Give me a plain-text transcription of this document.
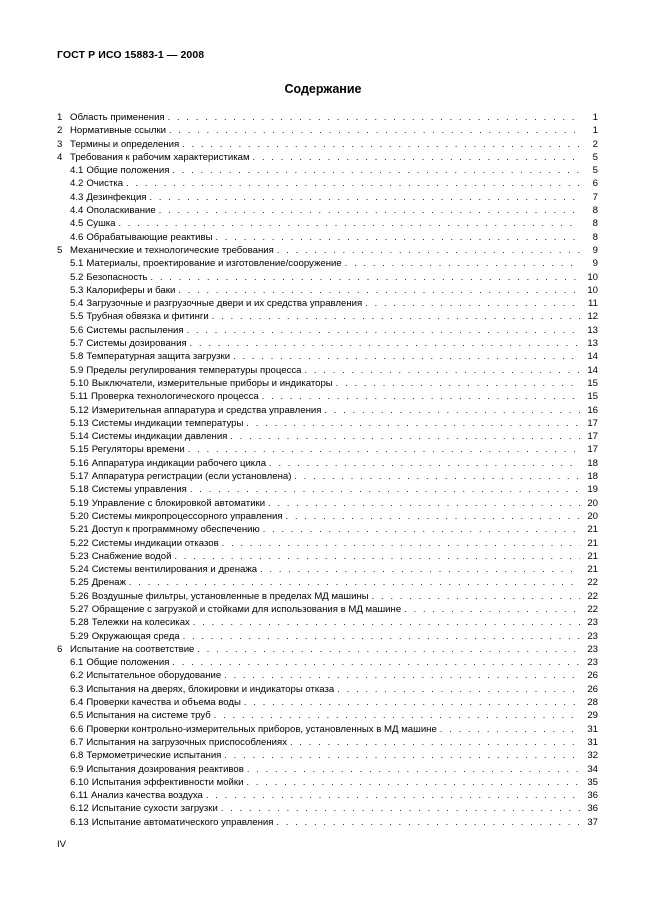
ГОСТ Р ИСО 15883-1 — 2008
Содержание
1 Область применения . . .	1
2 Нормативные ссылки . . .	1
3 Термины и определения . . .	2
4 Требования к рабочим характеристикам . . .	5
4.1 Общие положения . . .	5
4.2 Очистка . . .	6
4.3 Дезинфекция . . .	7
4.4 Ополаскивание . . .	8
4.5 Сушка . . .	8
4.6 Обрабатывающие реактивы . . .	8
5 Механические и технологические требования . . .	9
5.1 Материалы, проектирование и изготовление/сооружение . . .	9
5.2 Безопасность . . .	10
5.3 Калориферы и баки . . .	10
5.4 Загрузочные и разгрузочные двери и их средства управления . . .	11
5.5 Трубная обвязка и фитинги . . .	12
5.6 Системы распыления . . .	13
5.7 Системы дозирования . . .	13
5.8 Температурная защита загрузки . . .	14
5.9 Пределы регулирования температуры процесса . . .	14
5.10 Выключатели, измерительные приборы и индикаторы . . .	15
5.11 Проверка технологического процесса . . .	15
5.12 Измерительная аппаратура и средства управления . . .	16
5.13 Системы индикации температуры . . .	17
5.14 Системы индикации давления . . .	17
5.15 Регуляторы времени . . .	17
5.16 Аппаратура индикации рабочего цикла . . .	18
5.17 Аппаратура регистрации (если установлена) . . .	18
5.18 Системы управления . . .	19
5.19 Управление с блокировкой автоматики . . .	20
5.20 Системы микропроцессорного управления . . .	20
5.21 Доступ к программному обеспечению . . .	21
5.22 Системы индикации отказов . . .	21
5.23 Снабжение водой . . .	21
5.24 Системы вентилирования и дренажа . . .	21
5.25 Дренаж . . .	22
5.26 Воздушные фильтры, установленные в пределах МД машины . . .	22
5.27 Обращение с загрузкой и стойками для использования в МД машине . . .	22
5.28 Тележки на колесиках . . .	23
5.29 Окружающая среда . . .	23
6 Испытание на соответствие . . .	23
6.1 Общие положения . . .	23
6.2 Испытательное оборудование . . .	26
6.3 Испытания на дверях, блокировки и индикаторы отказа . . .	26
6.4 Проверки качества и объема воды . . .	28
6.5 Испытания на системе труб . . .	29
6.6 Проверки контрольно-измерительных приборов, установленных в МД машине . . .	31
6.7 Испытания на загрузочных приспособлениях . . .	31
6.8 Термометрические испытания . . .	32
6.9 Испытания дозирования реактивов . . .	34
6.10 Испытания эффективности мойки . . .	35
6.11 Анализ качества воздуха . . .	36
6.12 Испытание сухости загрузки . . .	36
6.13 Испытание автоматического управления . . .	37
IV
